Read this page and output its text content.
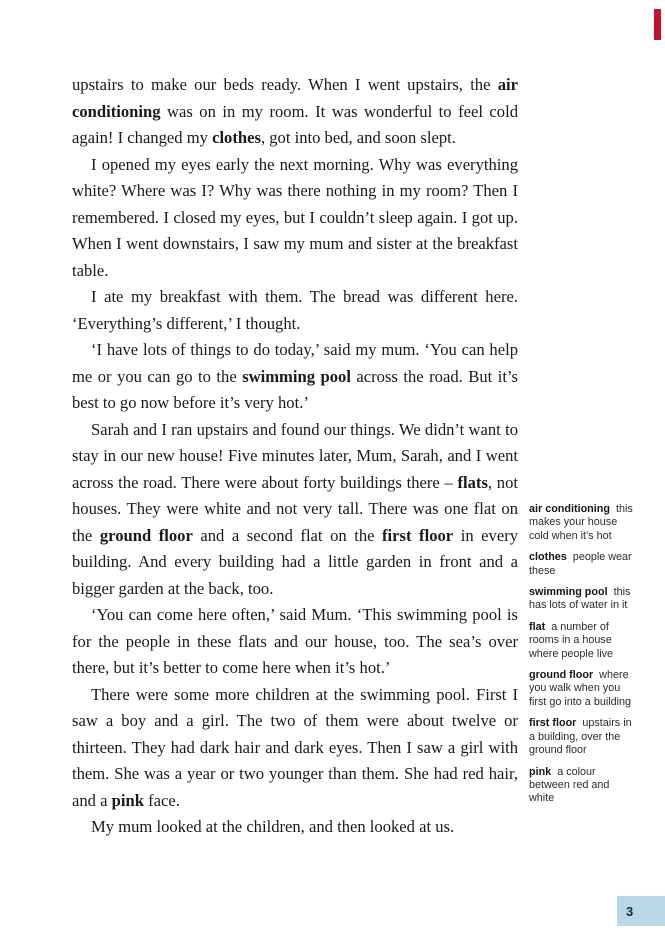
upstairs to make our beds ready. When I went upstairs, the air conditioning was on in my room. It was wonderful to feel cold again! I changed my clothes, got into bed, and soon slept.

I opened my eyes early the next morning. Why was everything white? Where was I? Why was there nothing in my room? Then I remembered. I closed my eyes, but I couldn’t sleep again. I got up. When I went downstairs, I saw my mum and sister at the breakfast table.

I ate my breakfast with them. The bread was different here. ‘Everything’s different,’ I thought.

‘I have lots of things to do today,’ said my mum. ‘You can help me or you can go to the swimming pool across the road. But it’s best to go now before it’s very hot.’

Sarah and I ran upstairs and found our things. We didn’t want to stay in our new house! Five minutes later, Mum, Sarah, and I went across the road. There were about forty buildings there – flats, not houses. They were white and not very tall. There was one flat on the ground floor and a second flat on the first floor in every building. And every building had a little garden in front and a bigger garden at the back, too.

‘You can come here often,’ said Mum. ‘This swimming pool is for the people in these flats and our house, too. The sea’s over there, but it’s better to come here when it’s hot.’

There were some more children at the swimming pool. First I saw a boy and a girl. The two of them were about twelve or thirteen. They had dark hair and dark eyes. Then I saw a girl with them. She was a year or two younger than them. She had red hair, and a pink face.

My mum looked at the children, and then looked at us.

air conditioning  this makes your house cold when it’s hot
clothes  people wear these
swimming pool  this has lots of water in it
flat  a number of rooms in a house where people live
ground floor  where you walk when you first go into a building
first floor  upstairs in a building, over the ground floor
pink  a colour between red and white
3
